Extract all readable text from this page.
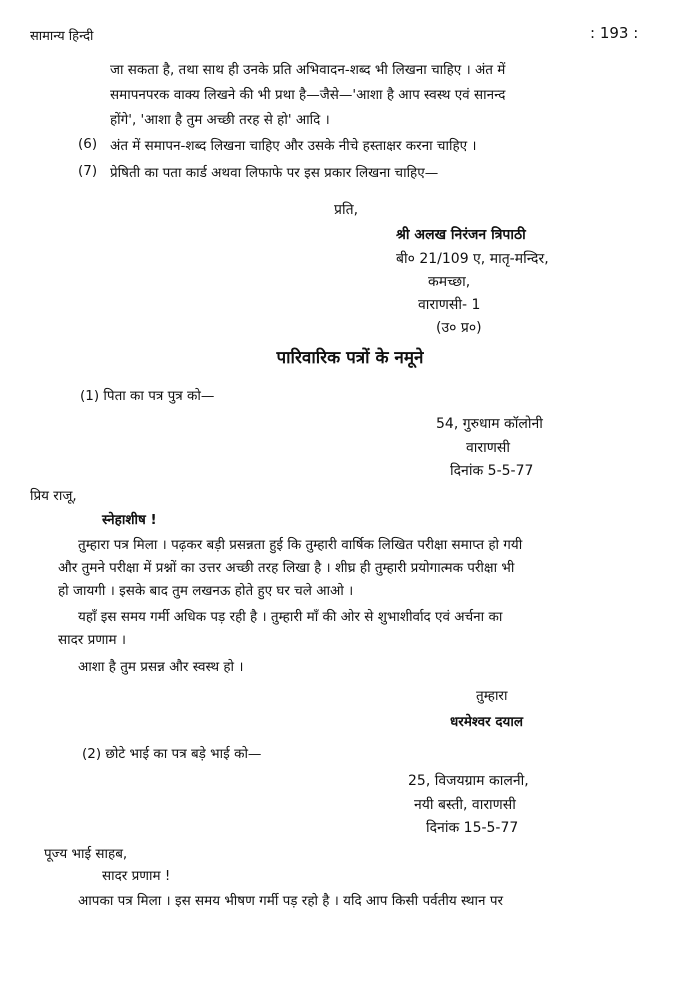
सामान्य हिन्दी	: 193 :
जा सकता है, तथा साथ ही उनके प्रति अभिवादन-शब्द भी लिखना चाहिए । अंत में
समापनपरक वाक्य लिखने की भी प्रथा है—जैसे—'आशा है आप स्वस्थ एवं सानन्द
होंगे', 'आशा है तुम अच्छी तरह से हो' आदि ।
(6) अंत में समापन-शब्द लिखना चाहिए और उसके नीचे हस्ताक्षर करना चाहिए ।
(7) प्रेषिती का पता कार्ड अथवा लिफाफे पर इस प्रकार लिखना चाहिए—
प्रति,
श्री अलख निरंजन त्रिपाठी
बी० 21/109 ए, मातृ-मन्दिर,
कमच्छा,
वाराणसी- 1
(उ० प्र०)
पारिवारिक पत्रों के नमूने
(1) पिता का पत्र पुत्र को—
54, गुरुधाम कॉलोनी
वाराणसी
दिनांक 5-5-77
प्रिय राजू,
स्नेहाशीष !
तुम्हारा पत्र मिला । पढ़कर बड़ी प्रसन्नता हुई कि तुम्हारी वार्षिक लिखित परीक्षा समाप्त हो गयी
और तुमने परीक्षा में प्रश्नों का उत्तर अच्छी तरह लिखा है । शीघ्र ही तुम्हारी प्रयोगात्मक परीक्षा भी
हो जायगी । इसके बाद तुम लखनऊ होते हुए घर चले आओ ।
यहाँ इस समय गर्मी अधिक पड़ रही है । तुम्हारी माँ की ओर से शुभाशीर्वाद एवं अर्चना का
सादर प्रणाम ।
आशा है तुम प्रसन्न और स्वस्थ हो ।
तुम्हारा
धरमेश्वर दयाल
(2) छोटे भाई का पत्र बड़े भाई को—
25, विजयग्राम कालनी,
नयी बस्ती, वाराणसी
दिनांक 15-5-77
पूज्य भाई साहब,
सादर प्रणाम !
आपका पत्र मिला । इस समय भीषण गर्मी पड़ रहो है । यदि आप किसी पर्वतीय स्थान पर
